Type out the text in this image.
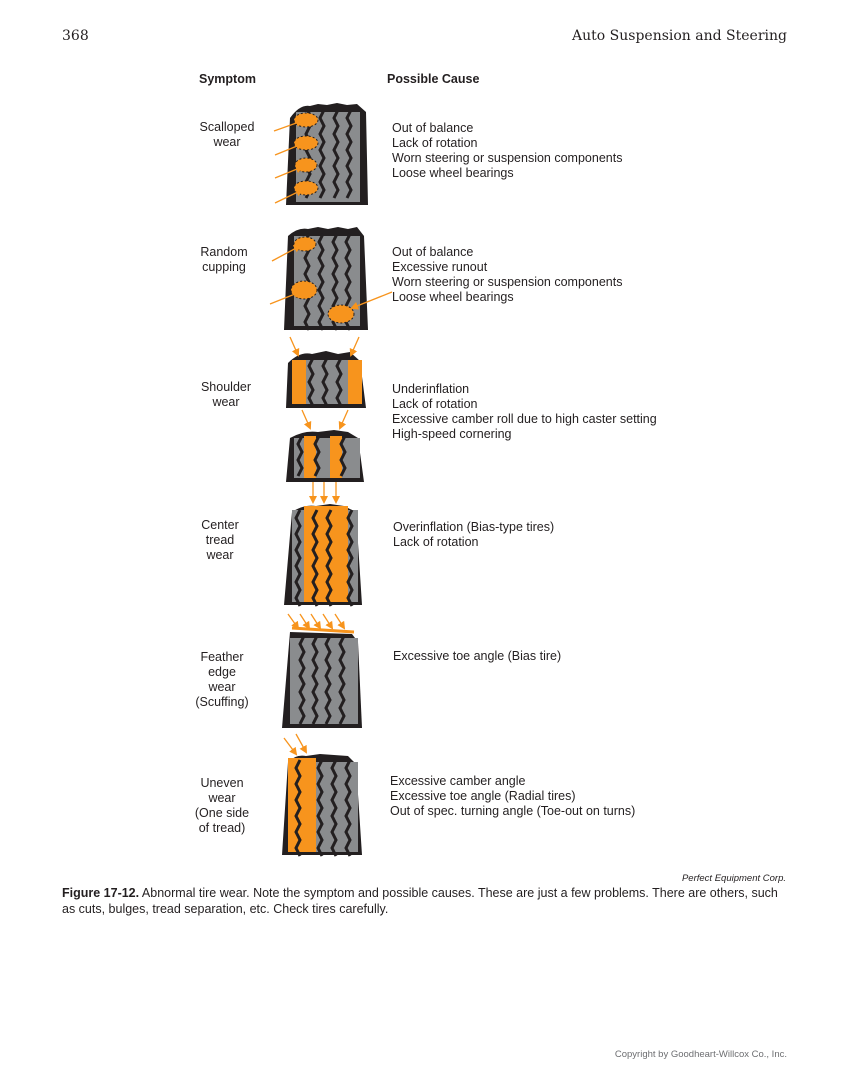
368	Auto Suspension and Steering
Symptom	Possible Cause
Scalloped
wear
Out of balance
Lack of rotation
Worn steering or suspension components
Loose wheel bearings
Random
cupping
Out of balance
Excessive runout
Worn steering or suspension components
Loose wheel bearings
Shoulder
wear
Underinflation
Lack of rotation
Excessive camber roll due to high caster setting
High-speed cornering
Center
tread
wear
Overinflation (Bias-type tires)
Lack of rotation
Feather
edge
wear
(Scuffing)
Excessive toe angle (Bias tire)
Uneven
wear
(One side
of tread)
Excessive camber angle
Excessive toe angle (Radial tires)
Out of spec. turning angle (Toe-out on turns)
Perfect Equipment Corp.
Figure 17-12. Abnormal tire wear. Note the symptom and possible causes. These are just a few problems. There are others, such as cuts, bulges, tread separation, etc. Check tires carefully.
Copyright by Goodheart-Willcox Co., Inc.
